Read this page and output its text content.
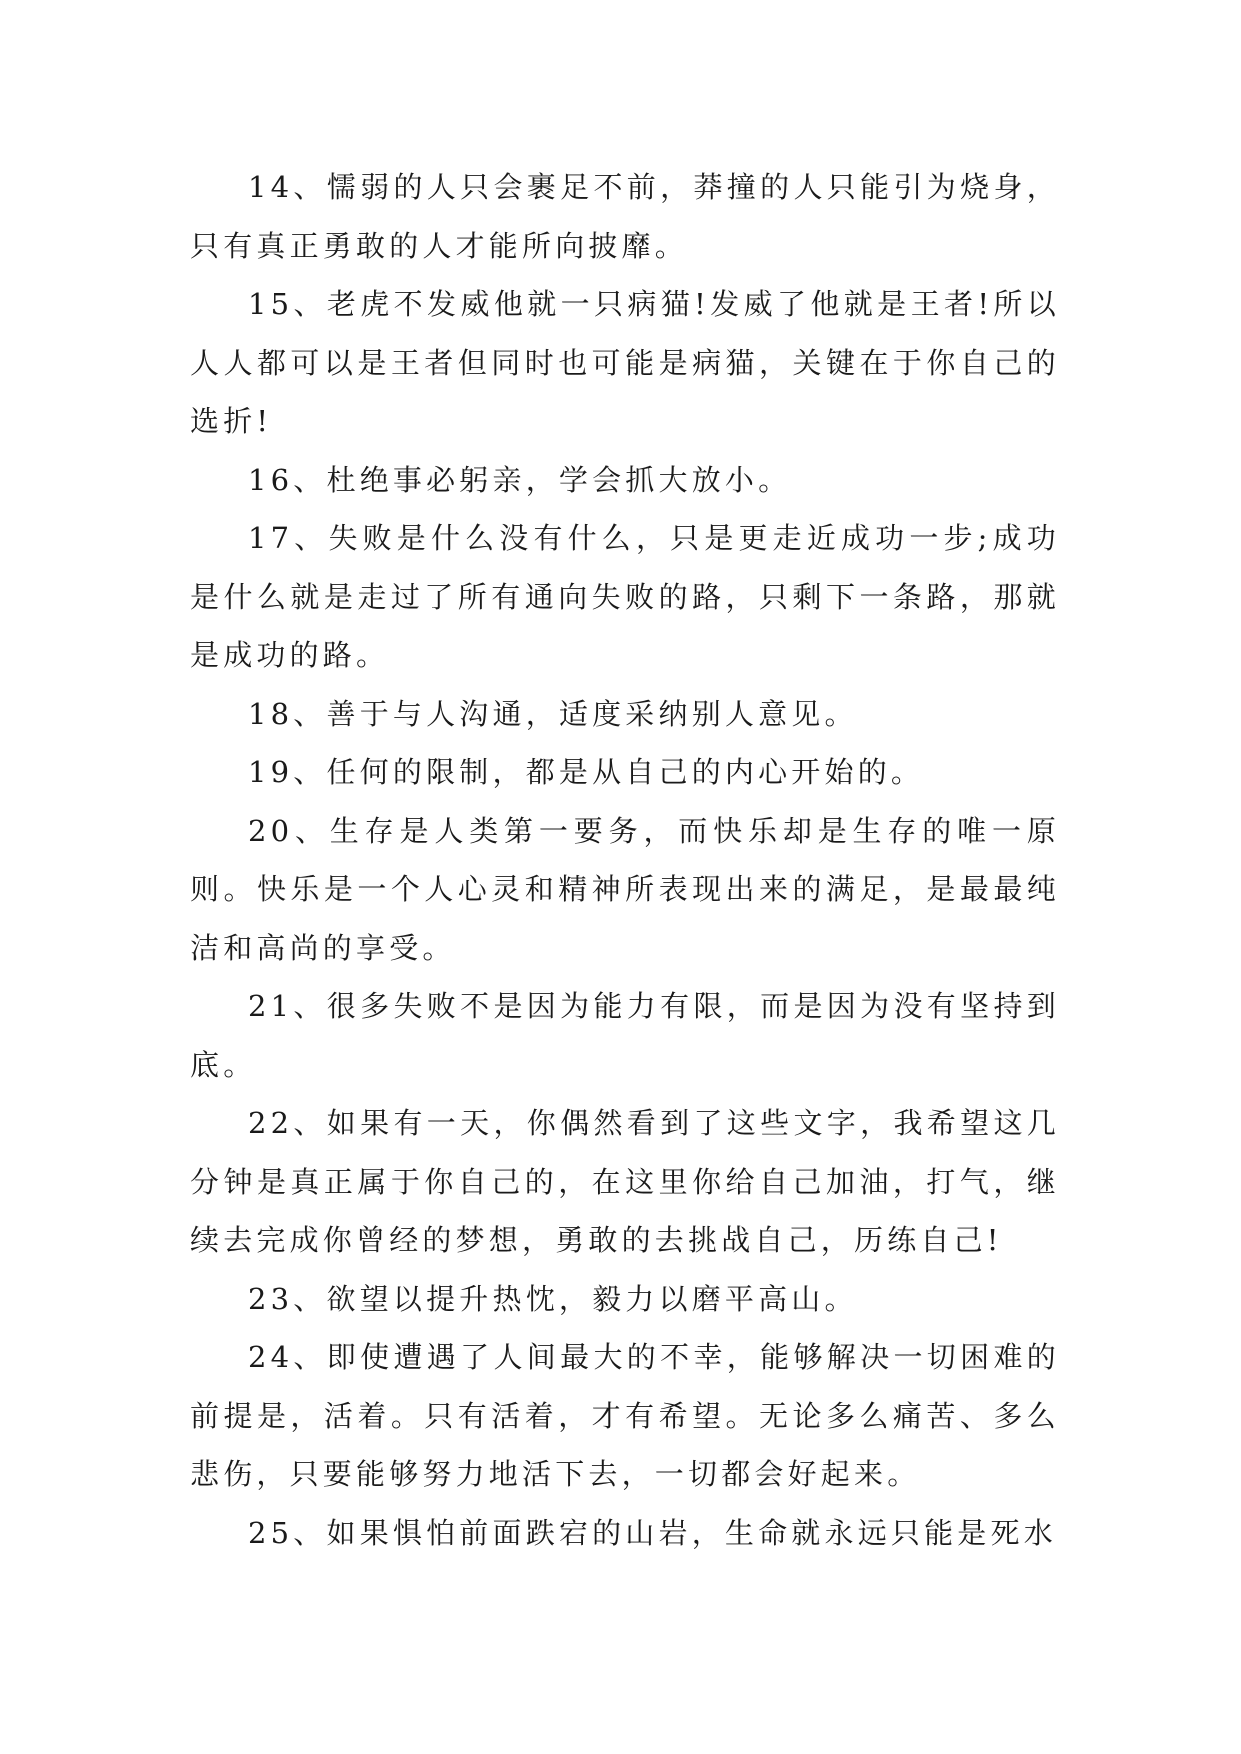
14、懦弱的人只会裹足不前，莽撞的人只能引为烧身，只有真正勇敢的人才能所向披靡。

15、老虎不发威他就一只病猫!发威了他就是王者!所以人人都可以是王者但同时也可能是病猫，关键在于你自己的选折!

16、杜绝事必躬亲，学会抓大放小。

17、失败是什么没有什么，只是更走近成功一步;成功是什么就是走过了所有通向失败的路，只剩下一条路，那就是成功的路。

18、善于与人沟通，适度采纳别人意见。

19、任何的限制，都是从自己的内心开始的。

20、生存是人类第一要务，而快乐却是生存的唯一原则。快乐是一个人心灵和精神所表现出来的满足，是最最纯洁和高尚的享受。

21、很多失败不是因为能力有限，而是因为没有坚持到底。

22、如果有一天，你偶然看到了这些文字，我希望这几分钟是真正属于你自己的，在这里你给自己加油，打气，继续去完成你曾经的梦想，勇敢的去挑战自己，历练自己!

23、欲望以提升热忱，毅力以磨平高山。

24、即使遭遇了人间最大的不幸，能够解决一切困难的前提是，活着。只有活着，才有希望。无论多么痛苦、多么悲伤，只要能够努力地活下去，一切都会好起来。

25、如果惧怕前面跌宕的山岩，生命就永远只能是死水
